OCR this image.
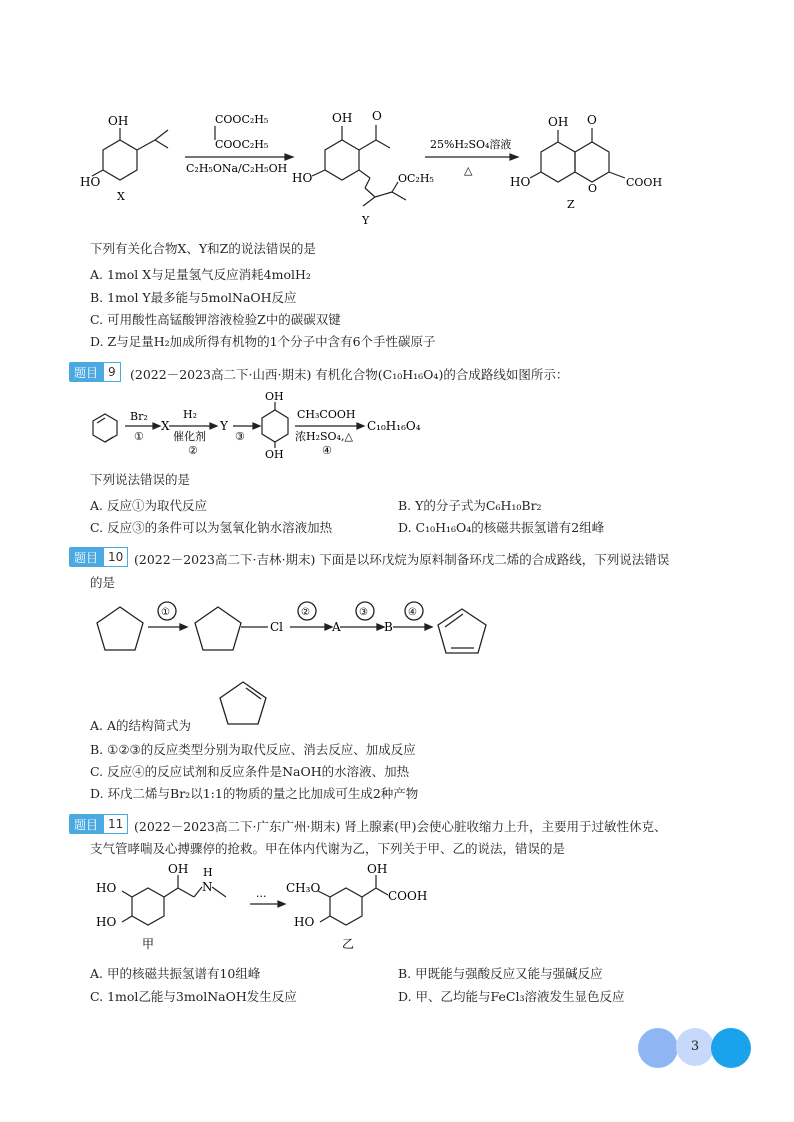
OH
HO
X
COOC₂H₅
COOC₂H₅
C₂H₅ONa/C₂H₅OH
OH O
HO	OC₂H₅
Y
25%H₂SO₄溶液
△
OH O
HO	O	COOH
Z
下列有关化合物X、Y和Z的说法错误的是
A. 1mol X与足量氢气反应消耗4molH₂
B. 1mol Y最多能与5molNaOH反应
C. 可用酸性高锰酸钾溶液检验Z中的碳碳双键
D. Z与足量H₂加成所得有机物的1个分子中含有6个手性碳原子
题目 9	(2022－2023高二下·山西·期末) 有机化合物(C₁₀H₁₆O₄)的合成路线如图所示：
Br₂
①
X
H₂
催化剂
②
Y
③
OH
OH
CH₃COOH
浓H₂SO₄,△
④
C₁₀H₁₆O₄
下列说法错误的是
A. 反应①为取代反应	B. Y的分子式为C₆H₁₀Br₂
C. 反应③的条件可以为氢氧化钠水溶液加热	D. C₁₀H₁₆O₄的核磁共振氢谱有2组峰
题目 10 (2022－2023高二下·吉林·期末) 下面是以环戊烷为原料制备环戊二烯的合成路线，下列说法错误
的是
①
Cl
②
A
③
B
④
A. A的结构简式为
B. ①②③的反应类型分别为取代反应、消去反应、加成反应
C. 反应④的反应试剂和反应条件是NaOH的水溶液、加热
D. 环戊二烯与Br₂以1:1的物质的量之比加成可生成2种产物
题目 11 (2022－2023高二下·广东广州·期末) 肾上腺素(甲)会使心脏收缩力上升，主要用于过敏性休克、
支气管哮喘及心搏骤停的抢救。甲在体内代谢为乙，下列关于甲、乙的说法，错误的是
HO
HO
OH H
N
甲
···
CH₃O
HO
OH
COOH
乙
A. 甲的核磁共振氢谱有10组峰	B. 甲既能与强酸反应又能与强碱反应
C. 1mol乙能与3molNaOH发生反应	D. 甲、乙均能与FeCl₃溶液发生显色反应
3
